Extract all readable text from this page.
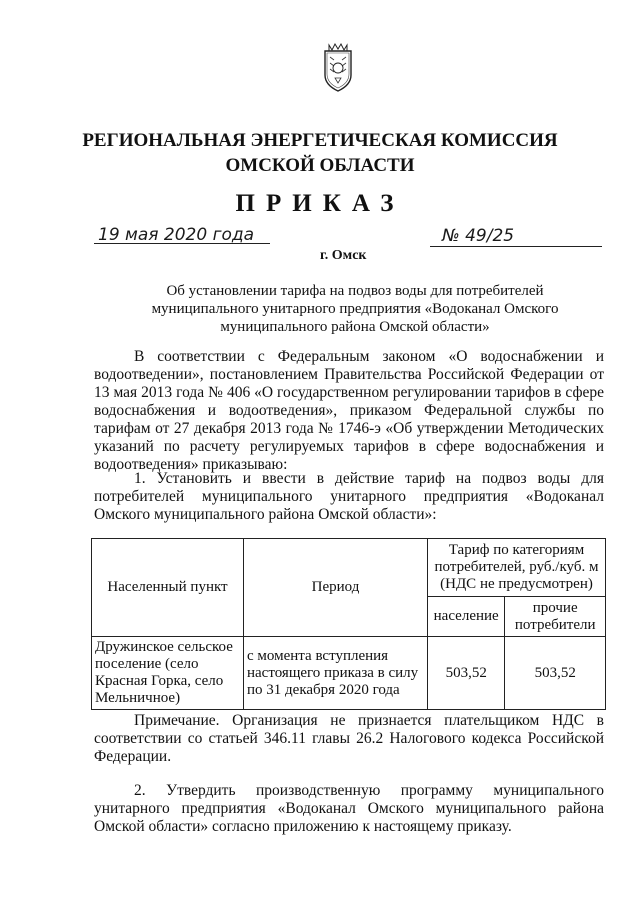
РЕГИОНАЛЬНАЯ ЭНЕРГЕТИЧЕСКАЯ КОМИССИЯ
ОМСКОЙ ОБЛАСТИ
ПРИКАЗ
19 мая 2020 года
г. Омск
№ 49/25
Об установлении тарифа на подвоз воды для потребителей муниципального унитарного предприятия «Водоканал Омского муниципального района Омской области»
В соответствии с Федеральным законом «О водоснабжении и водоотведении», постановлением Правительства Российской Федерации от 13 мая 2013 года № 406 «О государственном регулировании тарифов в сфере водоснабжения и водоотведения», приказом Федеральной службы по тарифам от 27 декабря 2013 года № 1746-э «Об утверждении Методических указаний по расчету регулируемых тарифов в сфере водоснабжения и водоотведения» приказываю:
1. Установить и ввести в действие тариф на подвоз воды для потребителей муниципального унитарного предприятия «Водоканал Омского муниципального района Омской области»:
Населенный пункт	Период	Тариф по категориям потребителей, руб./куб. м (НДС не предусмотрен)	
		население	прочие потребители
Дружинское сельское поселение (село Красная Горка, село Мельничное)	с момента вступления настоящего приказа в силу по 31 декабря 2020 года	503,52	503,52
Примечание. Организация не признается плательщиком НДС в соответствии со статьей 346.11 главы 26.2 Налогового кодекса Российской Федерации.
2. Утвердить производственную программу муниципального унитарного предприятия «Водоканал Омского муниципального района Омской области» согласно приложению к настоящему приказу.
